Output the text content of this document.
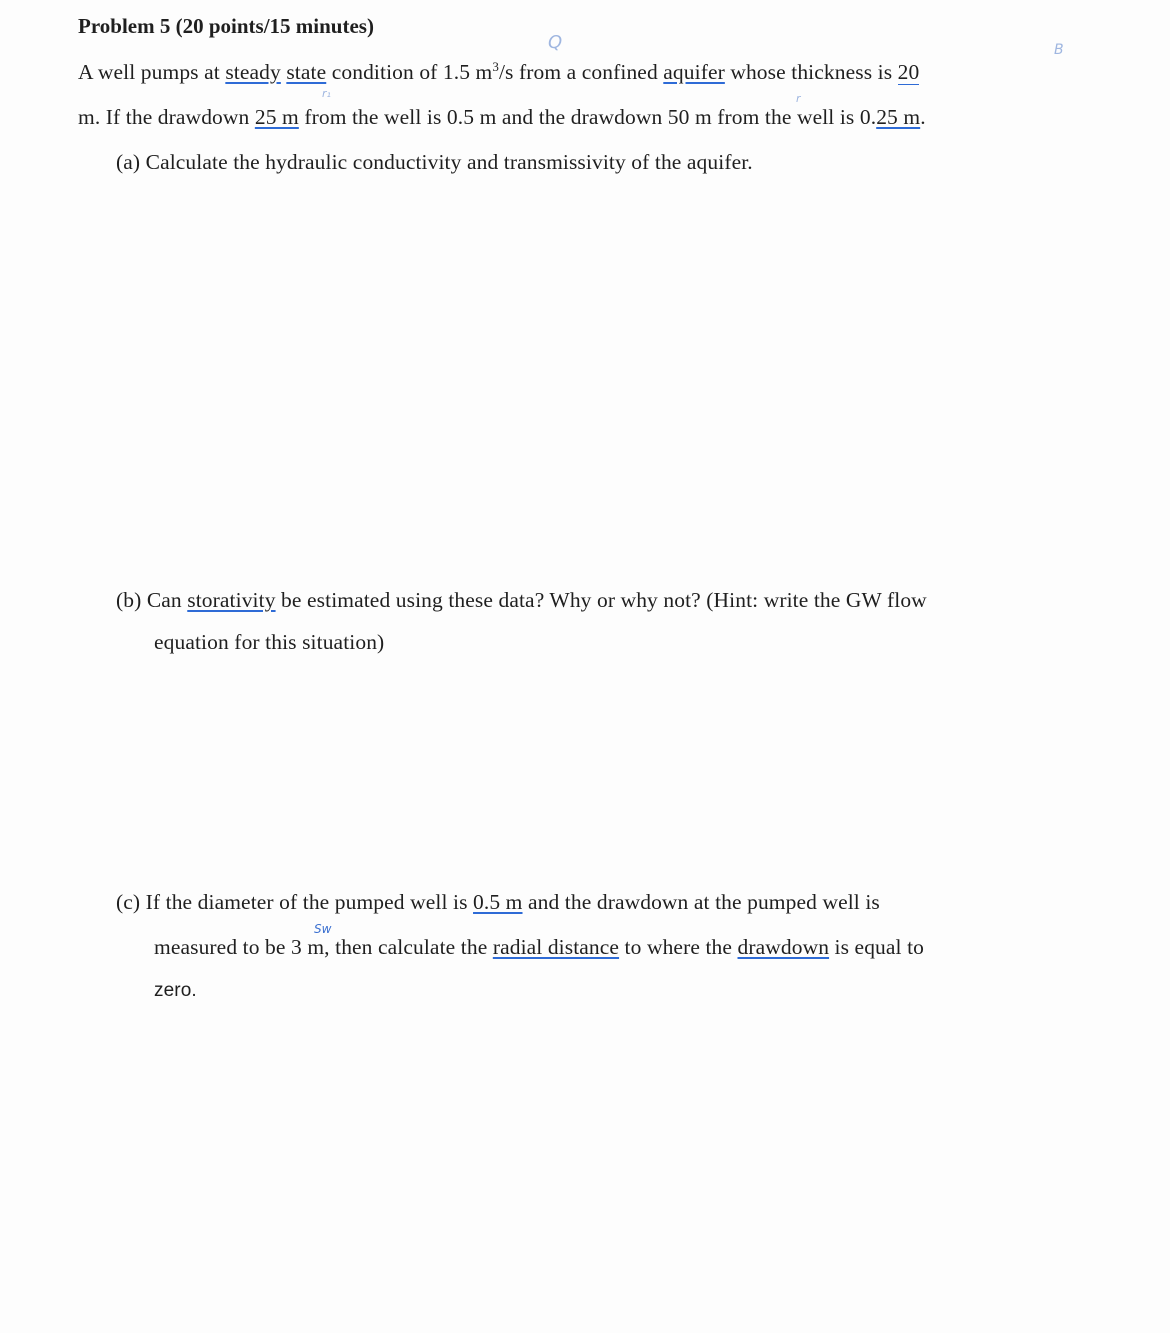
Problem 5 (20 points/15 minutes)
Q	B
r₁	r
Sw
A well pumps at steady state condition of 1.5 $m^3/s$ from a confined aquifer whose thickness is 20
m. If the drawdown 25 m from the well is 0.5 m and the drawdown 50 m from the well is 0.25 m.
(a) Calculate the hydraulic conductivity and transmissivity of the aquifer.
(b) Can storativity be estimated using these data? Why or why not? (Hint: write the GW flow
equation for this situation)
(c) If the diameter of the pumped well is 0.5 m and the drawdown at the pumped well is
measured to be 3 m, then calculate the radial distance to where the drawdown is equal to
zero.
